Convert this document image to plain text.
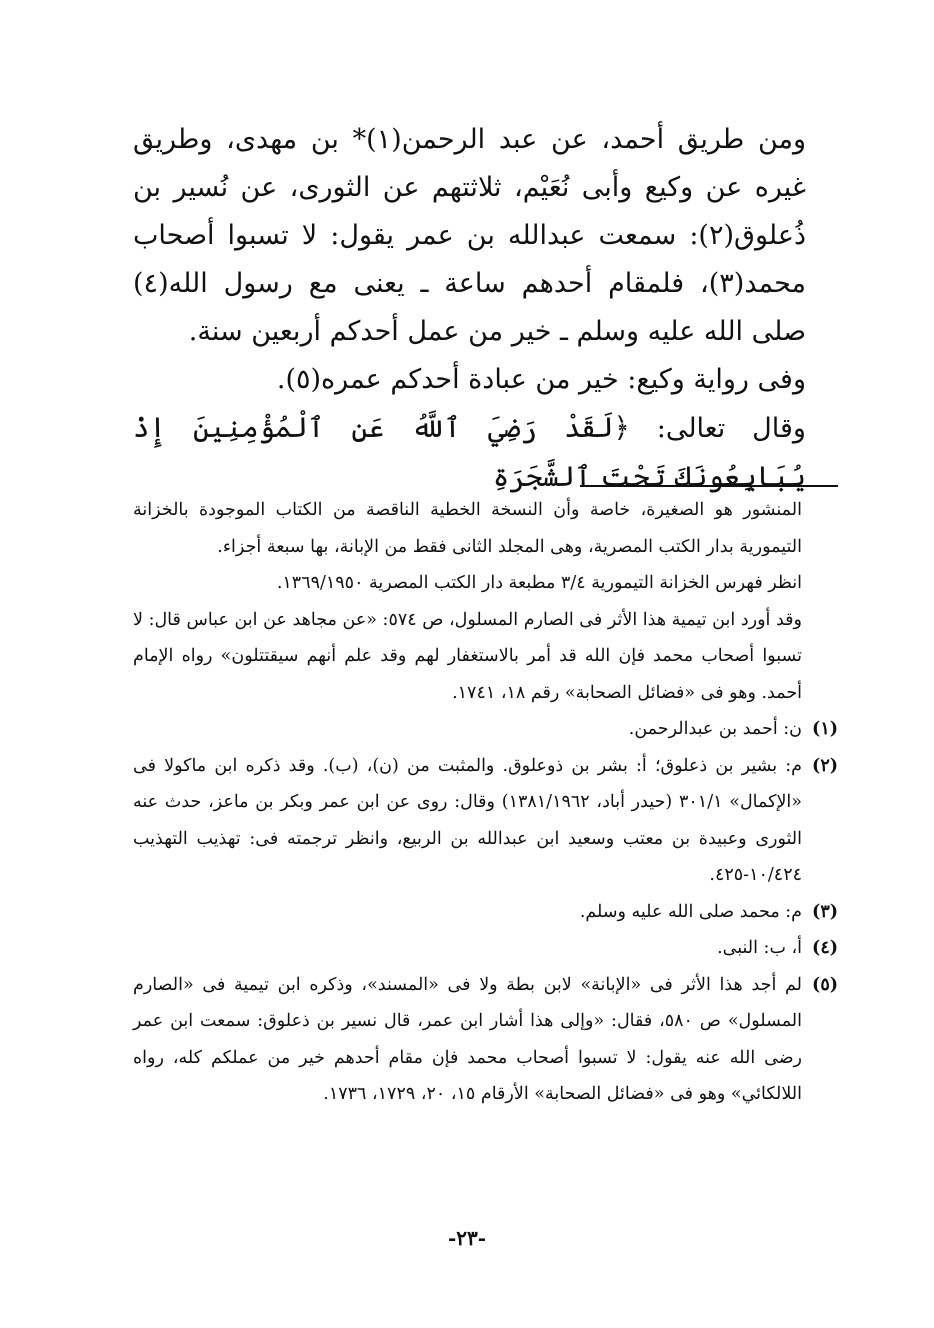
ومن طريق أحمد، عن عبد الرحمن(١)* بن مهدى، وطريق غيره عن وكيع وأبى نُعَيْم، ثلاثتهم عن الثورى، عن نُسير بن ذُعلوق(٢): سمعت عبدالله بن عمر يقول: لا تسبوا أصحاب محمد(٣)، فلمقام أحدهم ساعة ـ يعنى مع رسول الله(٤) صلى الله عليه وسلم ـ خير من عمل أحدكم أربعين سنة.

وفى رواية وكيع: خير من عبادة أحدكم عمره(٥).

وقال تعالى: ﴿لَقَدْ رَضِيَ ٱللَّهُ عَنِ ٱلْمُؤْمِنِينَ إِذْ يُبَايِعُونَكَ تَحْتَ ٱلشَّجَرَةِ

المنشور هو الصغيرة، خاصة وأن النسخة الخطية الناقصة من الكتاب الموجودة بالخزانة التيمورية بدار الكتب المصرية، وهى المجلد الثانى فقط من الإبانة، بها سبعة أجزاء.

انظر فهرس الخزانة التيمورية ٣/٤ مطبعة دار الكتب المصرية ١٣٦٩/١٩٥٠.

وقد أورد ابن تيمية هذا الأثر فى الصارم المسلول، ص ٥٧٤: «عن مجاهد عن ابن عباس قال: لا تسبوا أصحاب محمد فإن الله قد أمر بالاستغفار لهم وقد علم أنهم سيقتتلون» رواه الإمام أحمد. وهو فى «فضائل الصحابة» رقم ١٨، ١٧٤١.

(١)
ن: أحمد بن عبدالرحمن.
(٢)
م: بشير بن ذعلوق؛ أ: بشر بن ذوعلوق. والمثبت من (ن)، (ب). وقد ذكره ابن ماكولا فى «الإكمال» ٣٠١/١ (حيدر أباد، ١٣٨١/١٩٦٢) وقال: روى عن ابن عمر وبكر بن ماعز، حدث عنه الثورى وعبيدة بن معتب وسعيد ابن عبدالله بن الربيع، وانظر ترجمته فى: تهذيب التهذيب ١٠/٤٢٤-٤٢٥.
(٣)
م: محمد صلى الله عليه وسلم.
(٤)
أ، ب: النبى.
(٥)
لم أجد هذا الأثر فى «الإبانة» لابن بطة ولا فى «المسند»، وذكره ابن تيمية فى «الصارم المسلول» ص ٥٨٠، فقال: «وإلى هذا أشار ابن عمر، قال نسير بن ذعلوق: سمعت ابن عمر رضى الله عنه يقول: لا تسبوا أصحاب محمد فإن مقام أحدهم خير من عملكم كله، رواه اللالكائي» وهو فى «فضائل الصحابة» الأرقام ١٥، ٢٠، ١٧٢٩، ١٧٣٦.
-٢٣-
